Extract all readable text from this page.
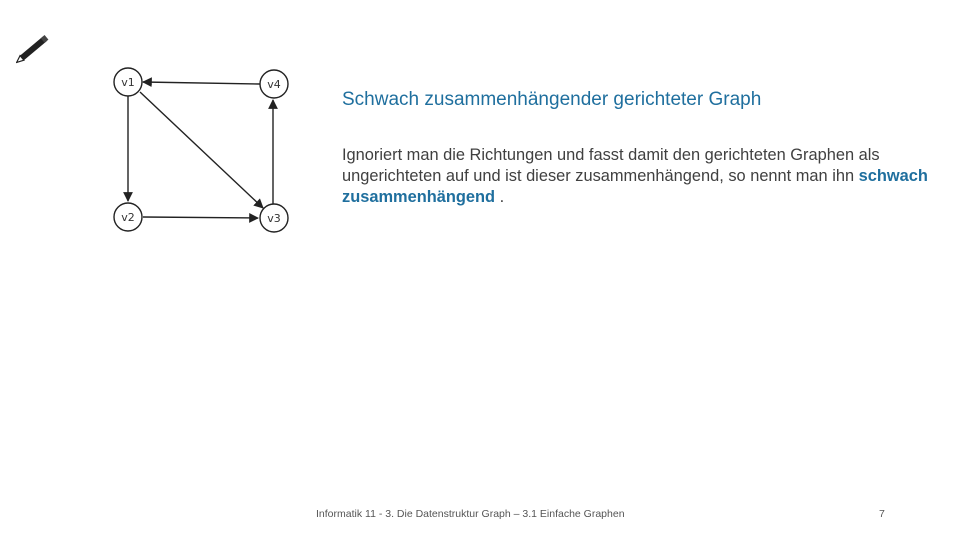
v1	v4
v2	v3
Schwach zusammenhängender gerichteter Graph
Ignoriert man die Richtungen und fasst damit den gerichteten Graphen als ungerichteten auf und ist dieser zusammenhängend, so nennt man ihn schwach zusammenhängend .
Informatik 11 - 3. Die Datenstruktur Graph – 3.1 Einfache Graphen	7
